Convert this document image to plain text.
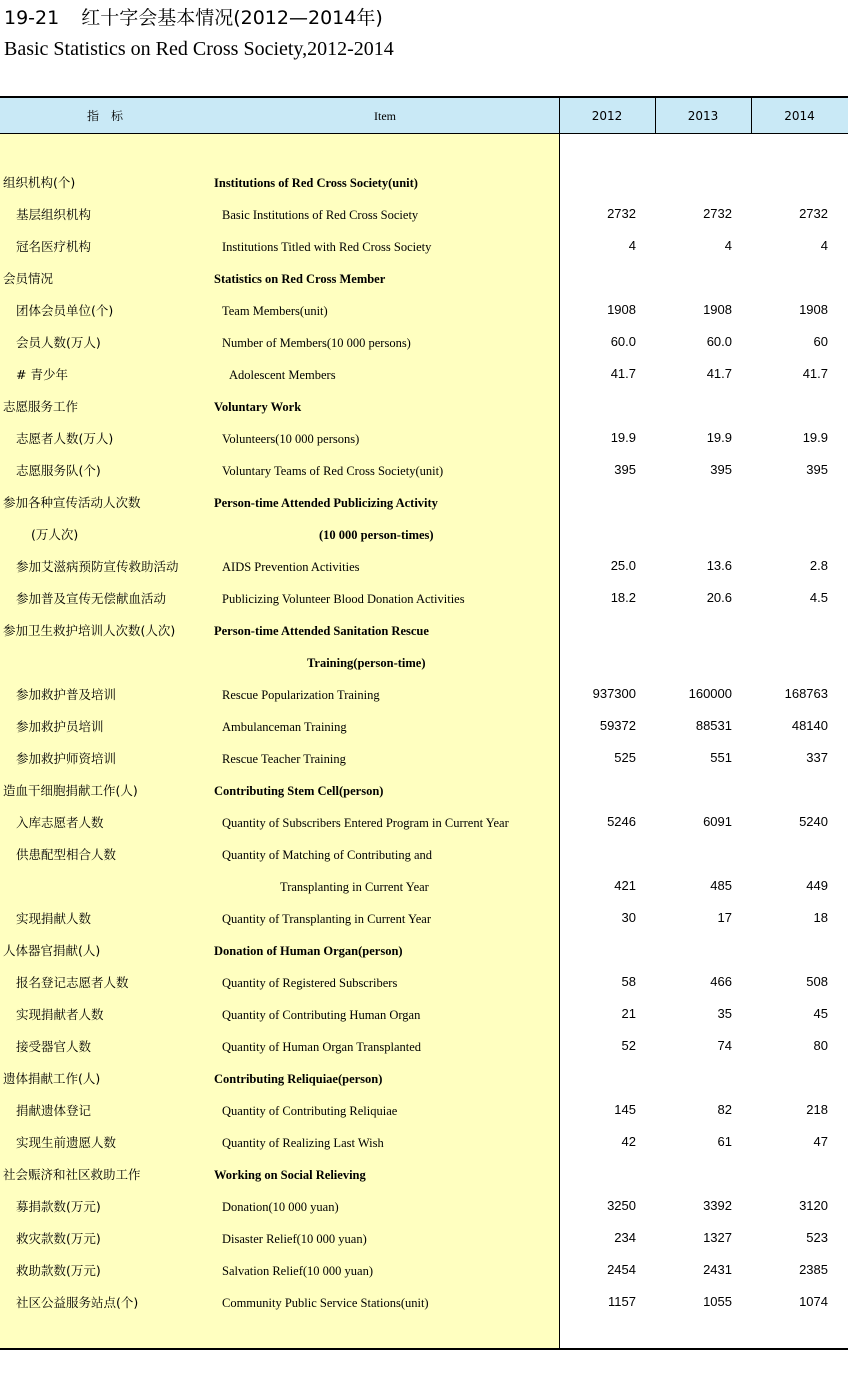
19-21 红十字会基本情况(2012—2014年)
Basic Statistics on Red Cross Society,2012-2014
指　标	Item	2012	2013	2014
组织机构(个)	Institutions of Red Cross Society(unit)
基层组织机构	Basic Institutions of Red Cross Society	2732	2732	2732
冠名医疗机构	Institutions Titled with Red Cross Society	4	4	4
会员情况	Statistics on Red Cross Member
团体会员单位(个)	Team Members(unit)	1908	1908	1908
会员人数(万人)	Number of Members(10 000 persons)	60.0	60.0	60
# 青少年	Adolescent Members	41.7	41.7	41.7
志愿服务工作	Voluntary Work
志愿者人数(万人)	Volunteers(10 000 persons)	19.9	19.9	19.9
志愿服务队(个)	Voluntary Teams of Red Cross Society(unit)	395	395	395
参加各种宣传活动人次数	Person-time Attended Publicizing Activity
(万人次)	(10 000 person-times)
参加艾滋病预防宣传救助活动	AIDS Prevention Activities	25.0	13.6	2.8
参加普及宣传无偿献血活动	Publicizing Volunteer Blood Donation Activities	18.2	20.6	4.5
参加卫生救护培训人次数(人次)	Person-time Attended Sanitation Rescue
Training(person-time)
参加救护普及培训	Rescue Popularization Training	937300	160000	168763
参加救护员培训	Ambulanceman Training	59372	88531	48140
参加救护师资培训	Rescue Teacher Training	525	551	337
造血干细胞捐献工作(人)	Contributing Stem Cell(person)
入库志愿者人数	Quantity of Subscribers Entered Program in Current Year	5246	6091	5240
供患配型相合人数	Quantity of Matching of Contributing and
Transplanting in Current Year	421	485	449
实现捐献人数	Quantity of Transplanting in Current Year	30	17	18
人体器官捐献(人)	Donation of Human Organ(person)
报名登记志愿者人数	Quantity of Registered Subscribers	58	466	508
实现捐献者人数	Quantity of Contributing Human Organ	21	35	45
接受器官人数	Quantity of Human Organ Transplanted	52	74	80
遗体捐献工作(人)	Contributing Reliquiae(person)
捐献遗体登记	Quantity of Contributing Reliquiae	145	82	218
实现生前遗愿人数	Quantity of Realizing Last Wish	42	61	47
社会赈济和社区救助工作	Working on Social Relieving
募捐款数(万元)	Donation(10 000 yuan)	3250	3392	3120
救灾款数(万元)	Disaster Relief(10 000 yuan)	234	1327	523
救助款数(万元)	Salvation Relief(10 000 yuan)	2454	2431	2385
社区公益服务站点(个)	Community Public Service Stations(unit)	1157	1055	1074
